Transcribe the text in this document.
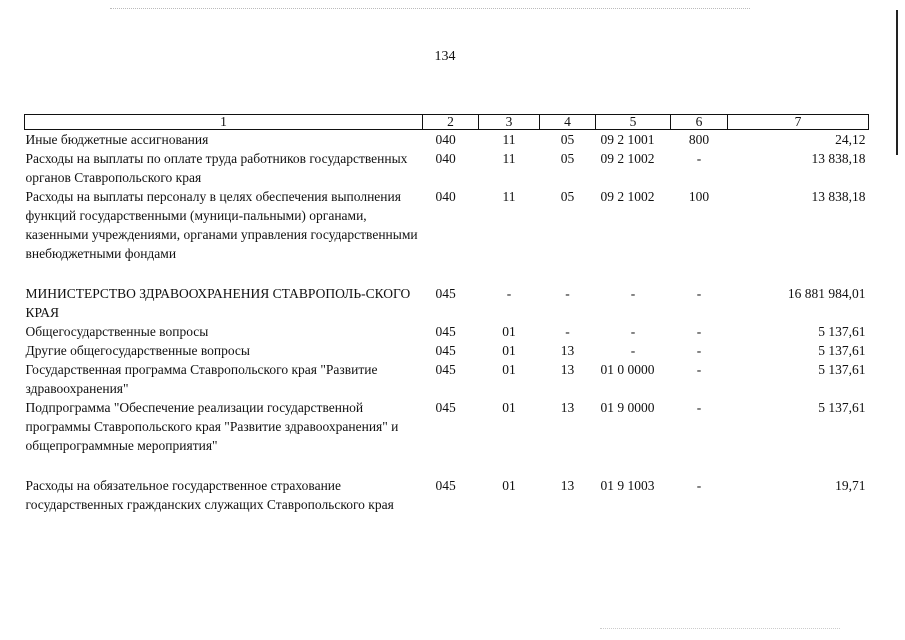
134
1	2	3	4	5	6	7
Иные бюджетные ассигнования	040	11	05	09 2 1001	800	24,12
Расходы на выплаты по оплате труда работников государственных органов Ставропольского края	040	11	05	09 2 1002	-	13 838,18
Расходы на выплаты персоналу в целях обеспечения выполнения функций государственными (муници-пальными) органами, казенными учреждениями, органами управления государственными внебюджетными фондами	040	11	05	09 2 1002	100	13 838,18

МИНИСТЕРСТВО ЗДРАВООХРАНЕНИЯ СТАВРОПОЛЬ-СКОГО КРАЯ	045	-	-	-	-	16 881 984,01
Общегосударственные вопросы	045	01	-	-	-	5 137,61
Другие общегосударственные вопросы	045	01	13	-	-	5 137,61
Государственная программа Ставропольского края "Развитие здравоохранения"	045	01	13	01 0 0000	-	5 137,61
Подпрограмма "Обеспечение реализации государственной программы Ставропольского края "Развитие здравоохранения" и общепрограммные мероприятия"	045	01	13	01 9 0000	-	5 137,61

Расходы на обязательное государственное страхование государственных гражданских служащих Ставропольского края	045	01	13	01 9 1003	-	19,71
